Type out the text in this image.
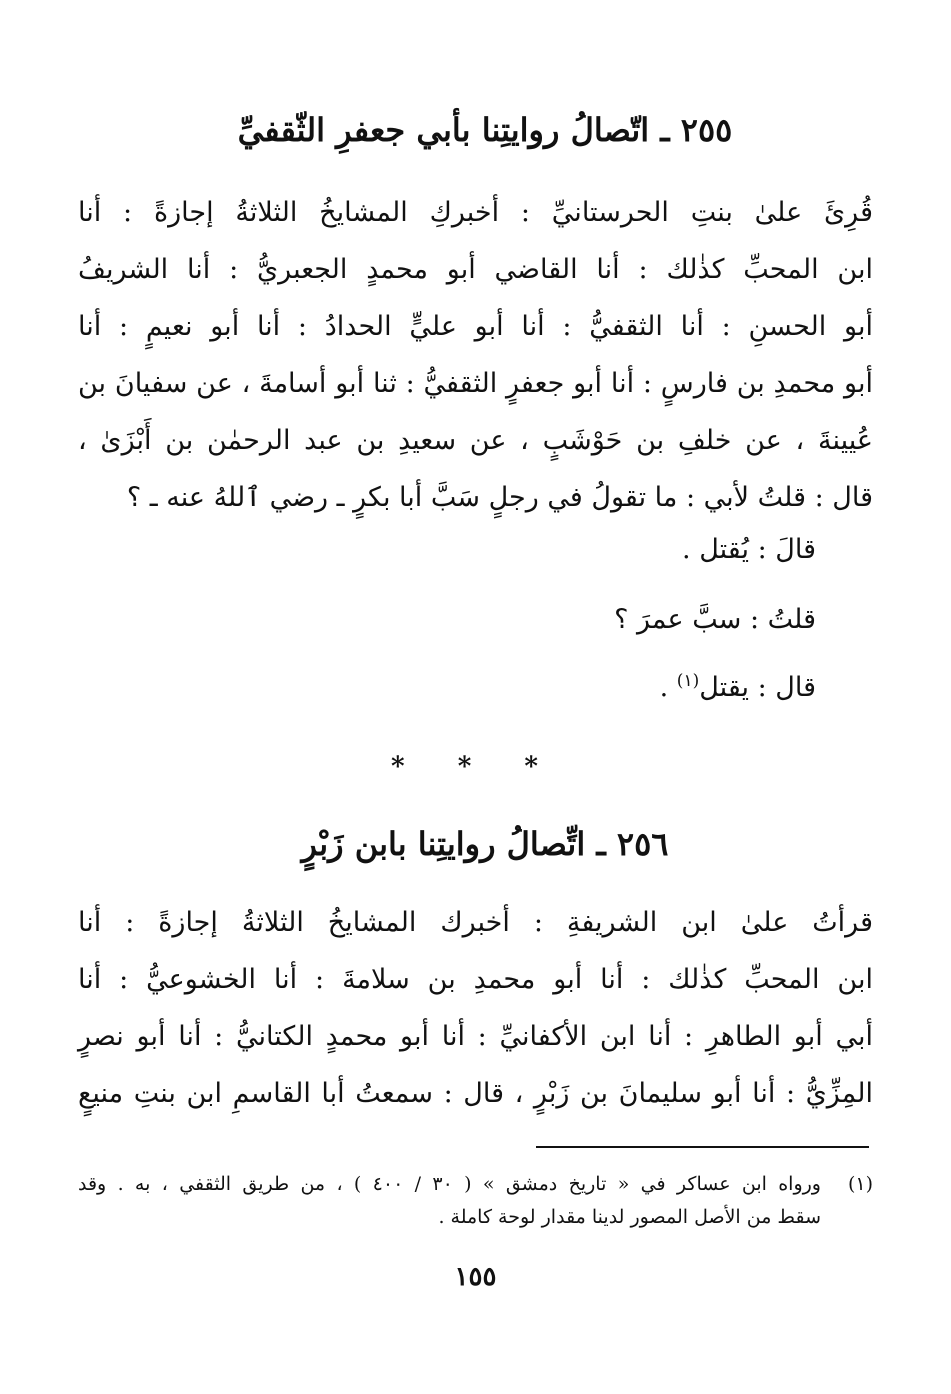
٢٥٥ ـ اتّصالُ روايتِنا بأبي جعفرِ الثّقفيِّ
قُرِئَ علىٰ بنتِ الحرستانيِّ : أخبركِ المشايخُ الثلاثةُ إجازةً : أنا
ابن المحبِّ كذٰلك : أنا القاضي أبو محمدٍ الجعبريُّ : أنا الشريفُ
أبو الحسنِ : أنا الثقفيُّ : أنا أبو عليٍّ الحدادُ : أنا أبو نعيمٍ : أنا
أبو محمدِ بن فارسٍ : أنا أبو جعفرٍ الثقفيُّ : ثنا أبو أسامةَ ، عن سفيانَ بن
عُيينةَ ، عن خلفِ بن حَوْشَبٍ ، عن سعيدِ بن عبد الرحمٰن بن أَبْزَىٰ ،
قال : قلتُ لأبي : ما تقولُ في رجلٍ سَبَّ أبا بكرٍ ـ رضي ٱللهُ عنه ـ ؟
قالَ : يُقتل .
قلتُ : سبَّ عمرَ ؟
قال : يقتل$^{(١)}$ .
* * *
٢٥٦ ـ اتِّصالُ روايتِنا بابن زَبْرٍ
قرأتُ علىٰ ابن الشريفةِ : أخبرك المشايخُ الثلاثةُ إجازةً : أنا
ابن المحبِّ كذٰلك : أنا أبو محمدِ بن سلامةَ : أنا الخشوعيُّ : أنا
أبي أبو الطاهرِ : أنا ابن الأكفانيِّ : أنا أبو محمدٍ الكتانيُّ : أنا أبو نصرٍ
المِزِّيُّ : أنا أبو سليمانَ بن زَبْرٍ ، قال : سمعتُ أبا القاسمِ ابن بنتِ منيعٍ
(١)ورواه ابن عساكر في « تاريخ دمشق » ( ٣٠ / ٤٠٠ ) ، من طريق الثقفي ، به . وقد
سقط من الأصل المصور لدينا مقدار لوحة كاملة .
١٥٥
